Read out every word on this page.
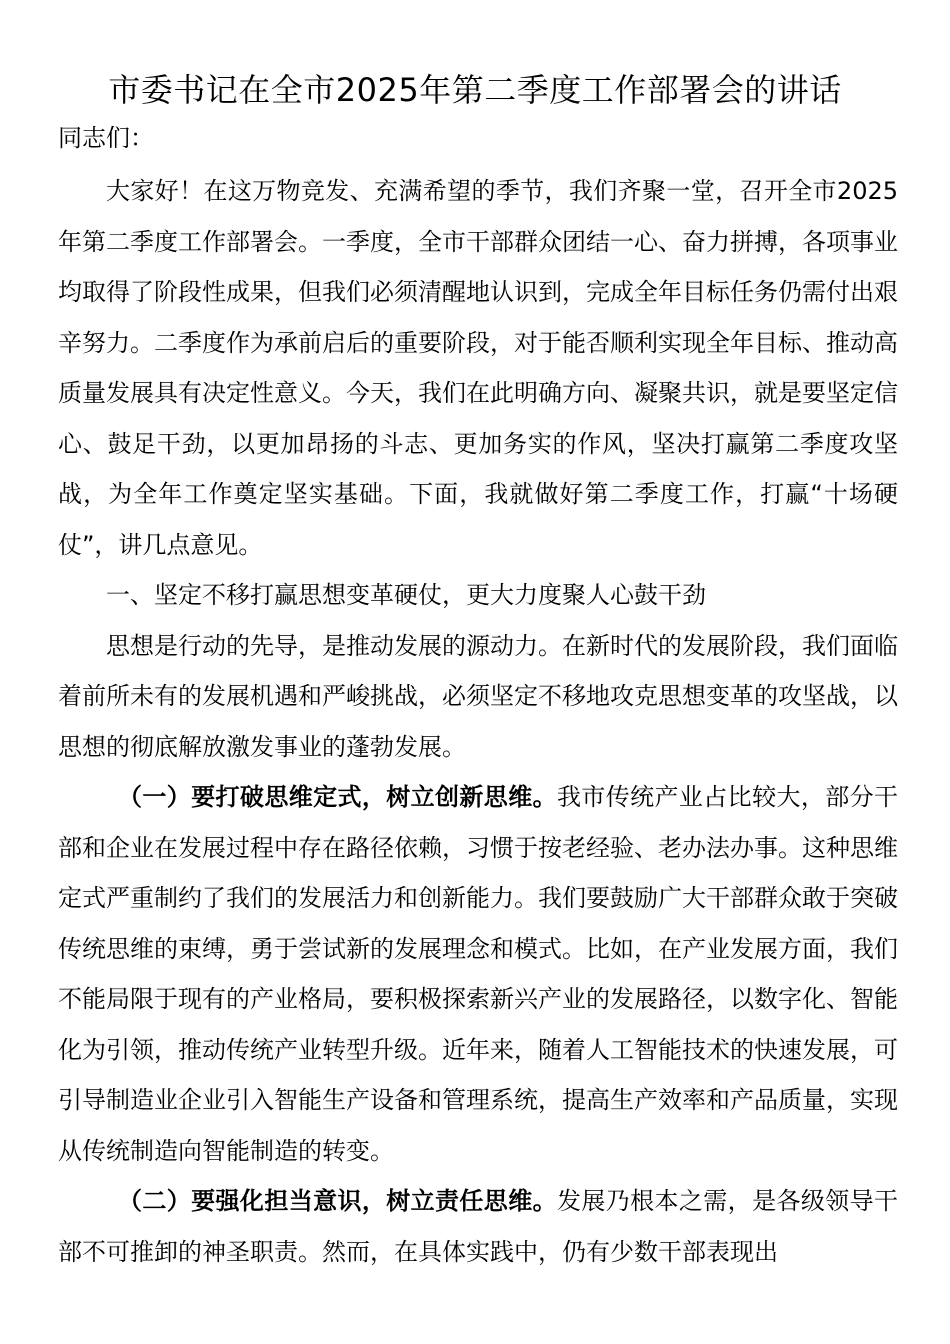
市委书记在全市2025年第二季度工作部署会的讲话
同志们：

大家好！在这万物竞发、充满希望的季节，我们齐聚一堂，召开全市2025年第二季度工作部署会。一季度，全市干部群众团结一心、奋力拼搏，各项事业均取得了阶段性成果，但我们必须清醒地认识到，完成全年目标任务仍需付出艰辛努力。二季度作为承前启后的重要阶段，对于能否顺利实现全年目标、推动高质量发展具有决定性意义。今天，我们在此明确方向、凝聚共识，就是要坚定信心、鼓足干劲，以更加昂扬的斗志、更加务实的作风，坚决打赢第二季度攻坚战，为全年工作奠定坚实基础。下面，我就做好第二季度工作，打赢“十场硬仗”，讲几点意见。

一、坚定不移打赢思想变革硬仗，更大力度聚人心鼓干劲

思想是行动的先导，是推动发展的源动力。在新时代的发展阶段，我们面临着前所未有的发展机遇和严峻挑战，必须坚定不移地攻克思想变革的攻坚战，以思想的彻底解放激发事业的蓬勃发展。

（一）要打破思维定式，树立创新思维。我市传统产业占比较大，部分干部和企业在发展过程中存在路径依赖，习惯于按老经验、老办法办事。这种思维定式严重制约了我们的发展活力和创新能力。我们要鼓励广大干部群众敢于突破传统思维的束缚，勇于尝试新的发展理念和模式。比如，在产业发展方面，我们不能局限于现有的产业格局，要积极探索新兴产业的发展路径，以数字化、智能化为引领，推动传统产业转型升级。近年来，随着人工智能技术的快速发展，可引导制造业企业引入智能生产设备和管理系统，提高生产效率和产品质量，实现从传统制造向智能制造的转变。

（二）要强化担当意识，树立责任思维。发展乃根本之需，是各级领导干部不可推卸的神圣职责。然而，在具体实践中，仍有少数干部表现出
